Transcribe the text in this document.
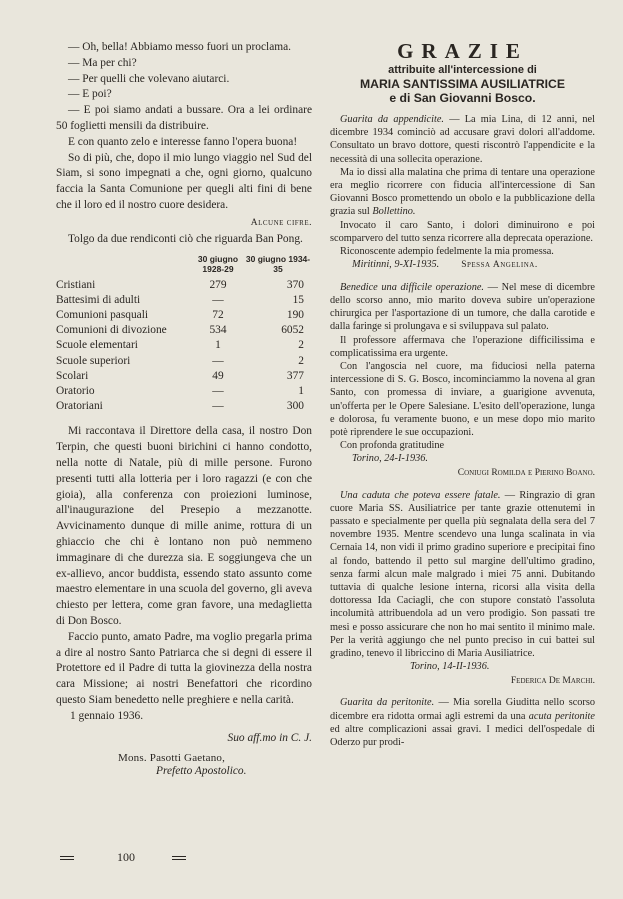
— Oh, bella! Abbiamo messo fuori un proclama.

— Ma per chi?

— Per quelli che volevano aiutarci.

— E poi?

— E poi siamo andati a bussare. Ora a lei ordinare 50 foglietti mensili da distribuire.

E con quanto zelo e interesse fanno l'opera buona!

So di più, che, dopo il mio lungo viaggio nel Sud del Siam, si sono impegnati a che, ogni giorno, qualcuno faccia la Santa Comunione per quegli alti fini di bene che il loro ed il nostro cuore desidera.

Alcune cifre.

Tolgo da due rendiconti ciò che riguarda Ban Pong.

	30 giugno 1928-29	30 giugno 1934-35
Cristiani	279	370
Battesimi di adulti	—	15
Comunioni pasquali	72	190
Comunioni di divozione	534	6052
Scuole elementari	1	2
Scuole superiori	—	2
Scolari	49	377
Oratorio	—	1
Oratoriani	—	300

Mi raccontava il Direttore della casa, il nostro Don Terpin, che questi buoni birichini ci hanno condotto, nella notte di Natale, più di mille persone. Furono presenti tutti alla lotteria per i loro ragazzi (e con che gioia), alla conferenza con proiezioni luminose, all'inaugurazione del Presepio a mezzanotte. Avvicinamento dunque di mille anime, rottura di un ghiaccio che chi è lontano non può nemmeno immaginare di che durezza sia. E soggiungeva che un ex-allievo, ancor buddista, essendo stato assunto come maestro elementare in una scuola del governo, gli aveva chiesto per lettera, come gran favore, una medaglietta di Don Bosco.

Faccio punto, amato Padre, ma voglio pregarla prima a dire al nostro Santo Patriarca che si degni di essere il Protettore ed il Padre di tutta la giovinezza della nostra cara Missione; ai nostri Benefattori che ricordino questo Siam benedetto nelle preghiere e nella carità.

1 gennaio 1936.

Suo aff.mo in C. J.

Mons. Pasotti Gaetano,

Prefetto Apostolico.

GRAZIE

attribuite all'intercessione di

MARIA SANTISSIMA AUSILIATRICE

e di San Giovanni Bosco.

Guarita da appendicite. — La mia Lina, di 12 anni, nel dicembre 1934 cominciò ad accusare gravi dolori all'addome. Consultato un bravo dottore, questi riscontrò l'appendicite e la necessità di una sollecita operazione.

Ma io dissi alla malatina che prima di tentare una operazione era meglio ricorrere con fiducia all'intercessione di San Giovanni Bosco promettendo un obolo e la pubblicazione della grazia sul Bollettino.

Invocato il caro Santo, i dolori diminuirono e poi scomparvero del tutto senza ricorrere alla deprecata operazione.

Riconoscente adempio fedelmente la mia promessa.

Miritinni, 9-XI-1935. Spessa Angelina.

Benedice una difficile operazione. — Nel mese di dicembre dello scorso anno, mio marito doveva subire un'operazione chirurgica per l'asportazione di un tumore, che dalla carotide e dalla faringe si prolungava e si sviluppava sul palato.

Il professore affermava che l'operazione difficilissima e complicatissima era urgente.

Con l'angoscia nel cuore, ma fiduciosi nella paterna intercessione di S. G. Bosco, incominciammo la novena al gran Santo, con promessa di inviare, a guarigione avvenuta, un'offerta per le Opere Salesiane. L'esito dell'operazione, lunga e dolorosa, fu veramente buono, e un mese dopo mio marito potè riprendere le sue occupazioni.

Con profonda gratitudine

Torino, 24-I-1936.

Coniugi Romilda e Pierino Boano.

Una caduta che poteva essere fatale. — Ringrazio di gran cuore Maria SS. Ausiliatrice per tante grazie ottenutemi in passato e specialmente per quella più segnalata della sera del 7 novembre 1935. Mentre scendevo una lunga scalinata in via Cernaia 14, non vidi il primo gradino superiore e precipitai fino al fondo, battendo il petto sul margine dell'ultimo gradino, senza farmi alcun male malgrado i miei 75 anni. Dubitando tuttavia di qualche lesione interna, ricorsi alla visita della dottoressa Ida Caciagli, che con stupore constatò l'assoluta incolumità attribuendola ad un vero prodigio. Son passati tre mesi e posso assicurare che non ho mai sentito il minimo male. Per la verità aggiungo che nel punto preciso in cui battei sul gradino, tenevo il libriccino di Maria Ausiliatrice.

Torino, 14-II-1936.

Federica De Marchi.

Guarita da peritonite. — Mia sorella Giuditta nello scorso dicembre era ridotta ormai agli estremi da una acuta peritonite ed altre complicazioni assai gravi. I medici dell'ospedale di Oderzo pur prodi-

100
